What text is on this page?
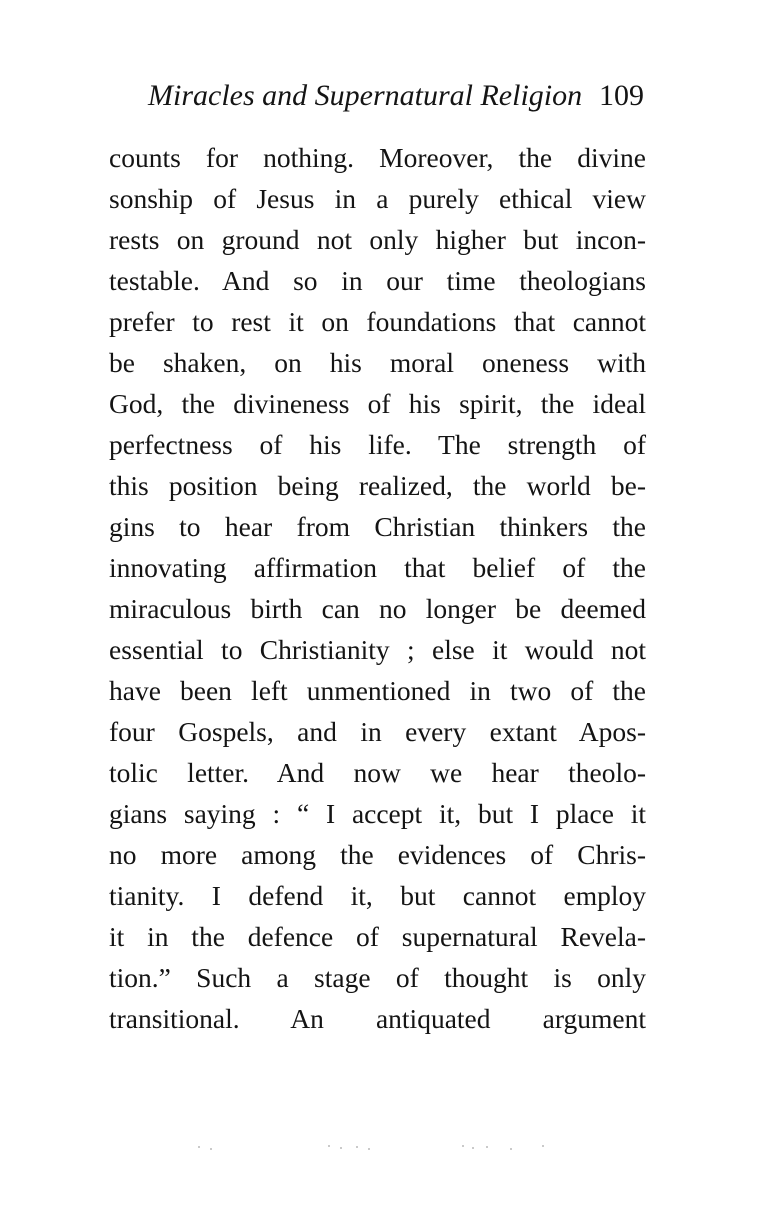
Miracles and Supernatural Religion 109
counts for nothing. Moreover, the divine
sonship of Jesus in a purely ethical view
rests on ground not only higher but incon-
testable. And so in our time theologians
prefer to rest it on foundations that cannot
be shaken, on his moral oneness with
God, the divineness of his spirit, the ideal
perfectness of his life. The strength of
this position being realized, the world be-
gins to hear from Christian thinkers the
innovating affirmation that belief of the
miraculous birth can no longer be deemed
essential to Christianity ; else it would not
have been left unmentioned in two of the
four Gospels, and in every extant Apos-
tolic letter. And now we hear theolo-
gians saying : “ I accept it, but I place it
no more among the evidences of Chris-
tianity. I defend it, but cannot employ
it in the defence of supernatural Revela-
tion.” Such a stage of thought is only
transitional. An antiquated argument
